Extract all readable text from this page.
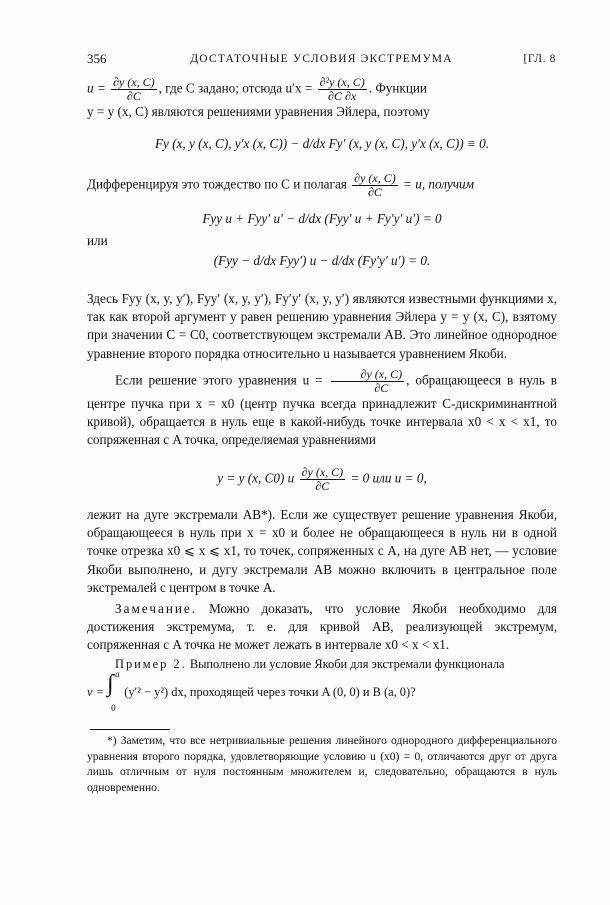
356	ДОСТАТОЧНЫЕ УСЛОВИЯ ЭКСТРЕМУМА	[ГЛ. 8
$u = \frac{\partial y (x, C)}{\partial C}$ , где C задано; отсюда $u'x = \frac{\text{∂²y (x, C)}}{\partial C \partial x}$ . Функции
y = y (x, C) являются решениями уравнения Эйлера, поэтому
Fy (x, y (x, C), y′x (x, C)) − d/dx Fy′ (x, y (x, C), y′x (x, C)) ≡ 0.
Дифференцируя это тождество по C и полагая $\frac{\partial y (x, C)}{\partial C} = u$, получим
Fyy u + Fyy′ u′ − d/dx (Fyy′ u + Fy′y′ u′) = 0
или
(Fyy − d/dx Fyy′) u − d/dx (Fy′y′ u′) = 0.
Здесь Fyy (x, y, y′), Fyy′ (x, y, y′), Fy′y′ (x, y, y′) являются известными функциями x, так как второй аргумент y равен решению уравнения Эйлера y = y (x, C), взятому при значении C = C0, соответствующем экстремали AB. Это линейное однородное уравнение второго порядка относительно u называется уравнением Якоби.
Если решение этого уравнения $u = \frac{\partial y (x, C)}{\partial C}$ , обращающееся в нуль в центре пучка при x = x0 (центр пучка всегда принадлежит C-дискриминантной кривой), обращается в нуль еще в какой-нибудь точке интервала x0 < x < x1, то сопряженная с A точка, определяемая уравнениями
y = y (x, C0) и $\frac{\partial y (x, C)}{\partial C} = 0$ или u = 0,
лежит на дуге экстремали AB*). Если же существует решение уравнения Якоби, обращающееся в нуль при x = x0 и более не обращающееся в нуль ни в одной точке отрезка x0 ⩽ x ⩽ x1, то точек, сопряженных с A, на дуге AB нет, — условие Якоби выполнено, и дугу экстремали AB можно включить в центральное поле экстремалей с центром в точке A.
Замечание. Можно доказать, что условие Якоби необходимо для достижения экстремума, т. е. для кривой AB, реализующей экстремум, сопряженная с A точка не может лежать в интервале x0 < x < x1.
Пример 2. Выполнено ли условие Якоби для экстремали функционала
v = ∫ a
0
(y′² − y²) dx, проходящей через точки A (0, 0) и B (a, 0)?
*) Заметим, что все нетривиальные решения линейного однородного дифференциального уравнения второго порядка, удовлетворяющие условию u (x0) = 0, отличаются друг от друга лишь отличным от нуля постоянным множителем и, следовательно, обращаются в нуль одновременно.
